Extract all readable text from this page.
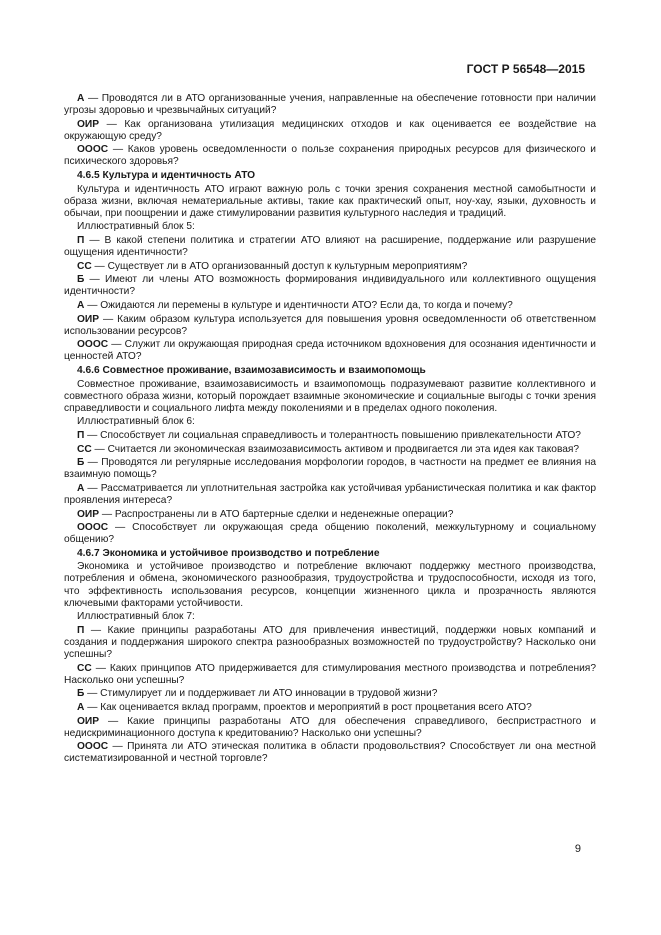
ГОСТ Р 56548—2015
А — Проводятся ли в АТО организованные учения, направленные на обеспечение готовности при наличии угрозы здоровью и чрезвычайных ситуаций?
ОИР — Как организована утилизация медицинских отходов и как оценивается ее воздействие на окружающую среду?
ОООС — Каков уровень осведомленности о пользе сохранения природных ресурсов для физического и психического здоровья?
4.6.5 Культура и идентичность АТО
Культура и идентичность АТО играют важную роль с точки зрения сохранения местной самобытности и образа жизни, включая нематериальные активы, такие как практический опыт, ноу-хау, языки, духовность и обычаи, при поощрении и даже стимулировании развития культурного наследия и традиций.
Иллюстративный блок 5:
П — В какой степени политика и стратегии АТО влияют на расширение, поддержание или разрушение ощущения идентичности?
СС — Существует ли в АТО организованный доступ к культурным мероприятиям?
Б — Имеют ли члены АТО возможность формирования индивидуального или коллективного ощущения идентичности?
А — Ожидаются ли перемены в культуре и идентичности АТО? Если да, то когда и почему?
ОИР — Каким образом культура используется для повышения уровня осведомленности об ответственном использовании ресурсов?
ОООС — Служит ли окружающая природная среда источником вдохновения для осознания идентичности и ценностей АТО?
4.6.6 Совместное проживание, взаимозависимость и взаимопомощь
Совместное проживание, взаимозависимость и взаимопомощь подразумевают развитие коллективного и совместного образа жизни, который порождает взаимные экономические и социальные выгоды с точки зрения справедливости и социального лифта между поколениями и в пределах одного поколения.
Иллюстративный блок 6:
П — Способствует ли социальная справедливость и толерантность повышению привлекательности АТО?
СС — Считается ли экономическая взаимозависимость активом и продвигается ли эта идея как таковая?
Б — Проводятся ли регулярные исследования морфологии городов, в частности на предмет ее влияния на взаимную помощь?
А — Рассматривается ли уплотнительная застройка как устойчивая урбанистическая политика и как фактор проявления интереса?
ОИР — Распространены ли в АТО бартерные сделки и неденежные операции?
ОООС — Способствует ли окружающая среда общению поколений, межкультурному и социальному общению?
4.6.7 Экономика и устойчивое производство и потребление
Экономика и устойчивое производство и потребление включают поддержку местного производства, потребления и обмена, экономического разнообразия, трудоустройства и трудоспособности, исходя из того, что эффективность использования ресурсов, концепции жизненного цикла и прозрачность являются ключевыми факторами устойчивости.
Иллюстративный блок 7:
П — Какие принципы разработаны АТО для привлечения инвестиций, поддержки новых компаний и создания и поддержания широкого спектра разнообразных возможностей по трудоустройству? Насколько они успешны?
СС — Каких принципов АТО придерживается для стимулирования местного производства и потребления? Насколько они успешны?
Б — Стимулирует ли и поддерживает ли АТО инновации в трудовой жизни?
А — Как оценивается вклад программ, проектов и мероприятий в рост процветания всего АТО?
ОИР — Какие принципы разработаны АТО для обеспечения справедливого, беспристрастного и недискриминационного доступа к кредитованию? Насколько они успешны?
ОООС — Принята ли АТО этическая политика в области продовольствия? Способствует ли она местной систематизированной и честной торговле?
9
